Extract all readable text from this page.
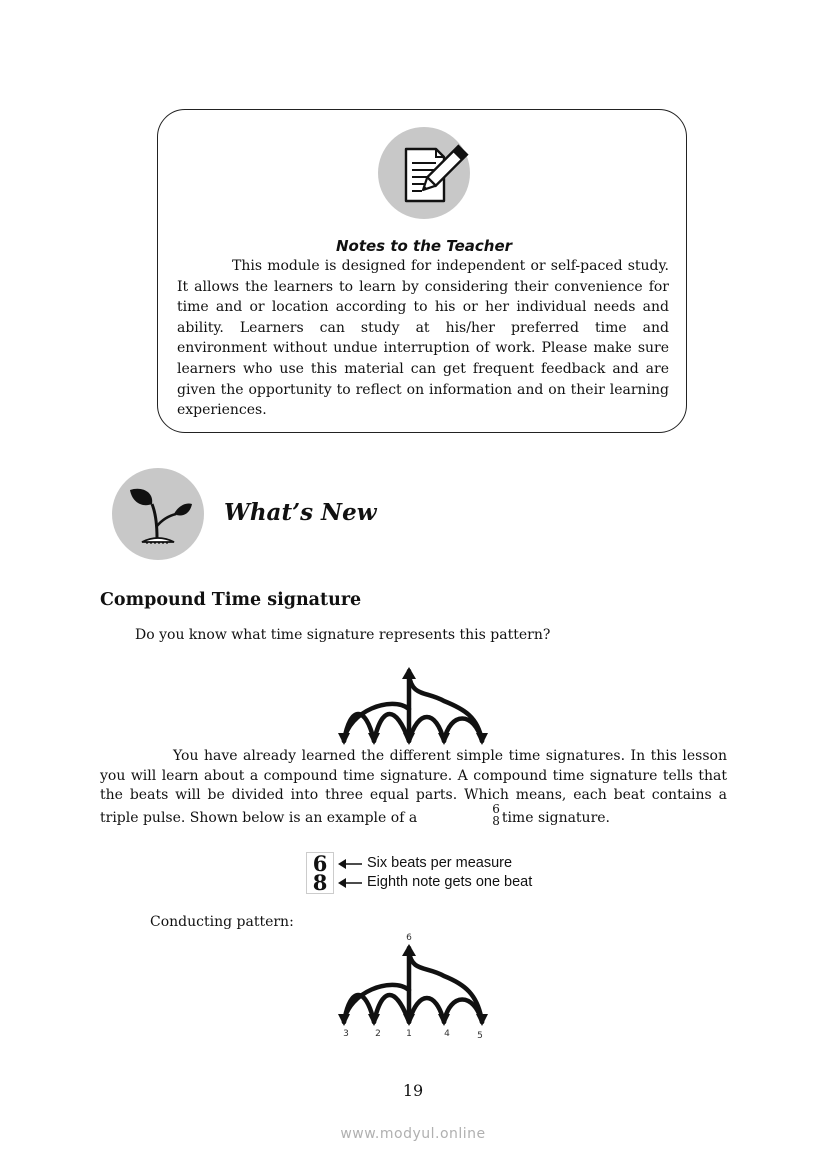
Notes to the Teacher

This module is designed for independent or self-paced study. It allows the learners to learn by considering their convenience for time and or location according to his or her individual needs and ability. Learners can study at his/her preferred time and environment without undue interruption of work. Please make sure learners who use this material can get frequent feedback and are given the opportunity to reflect on information and on their learning experiences.

What’s New
Compound Time signature
Do you know what time signature represents this pattern?

You have already learned the different simple time signatures. In this lesson you will learn about a compound time signature. A compound time signature tells that the beats will be divided into three equal parts. Which means, each beat contains a triple pulse. Shown below is an example of a
6
8 time signature.

6
8
Six beats per measure
Eighth note gets one beat
Conducting pattern:
6
3	2	1	4	5
19
www.modyul.online
